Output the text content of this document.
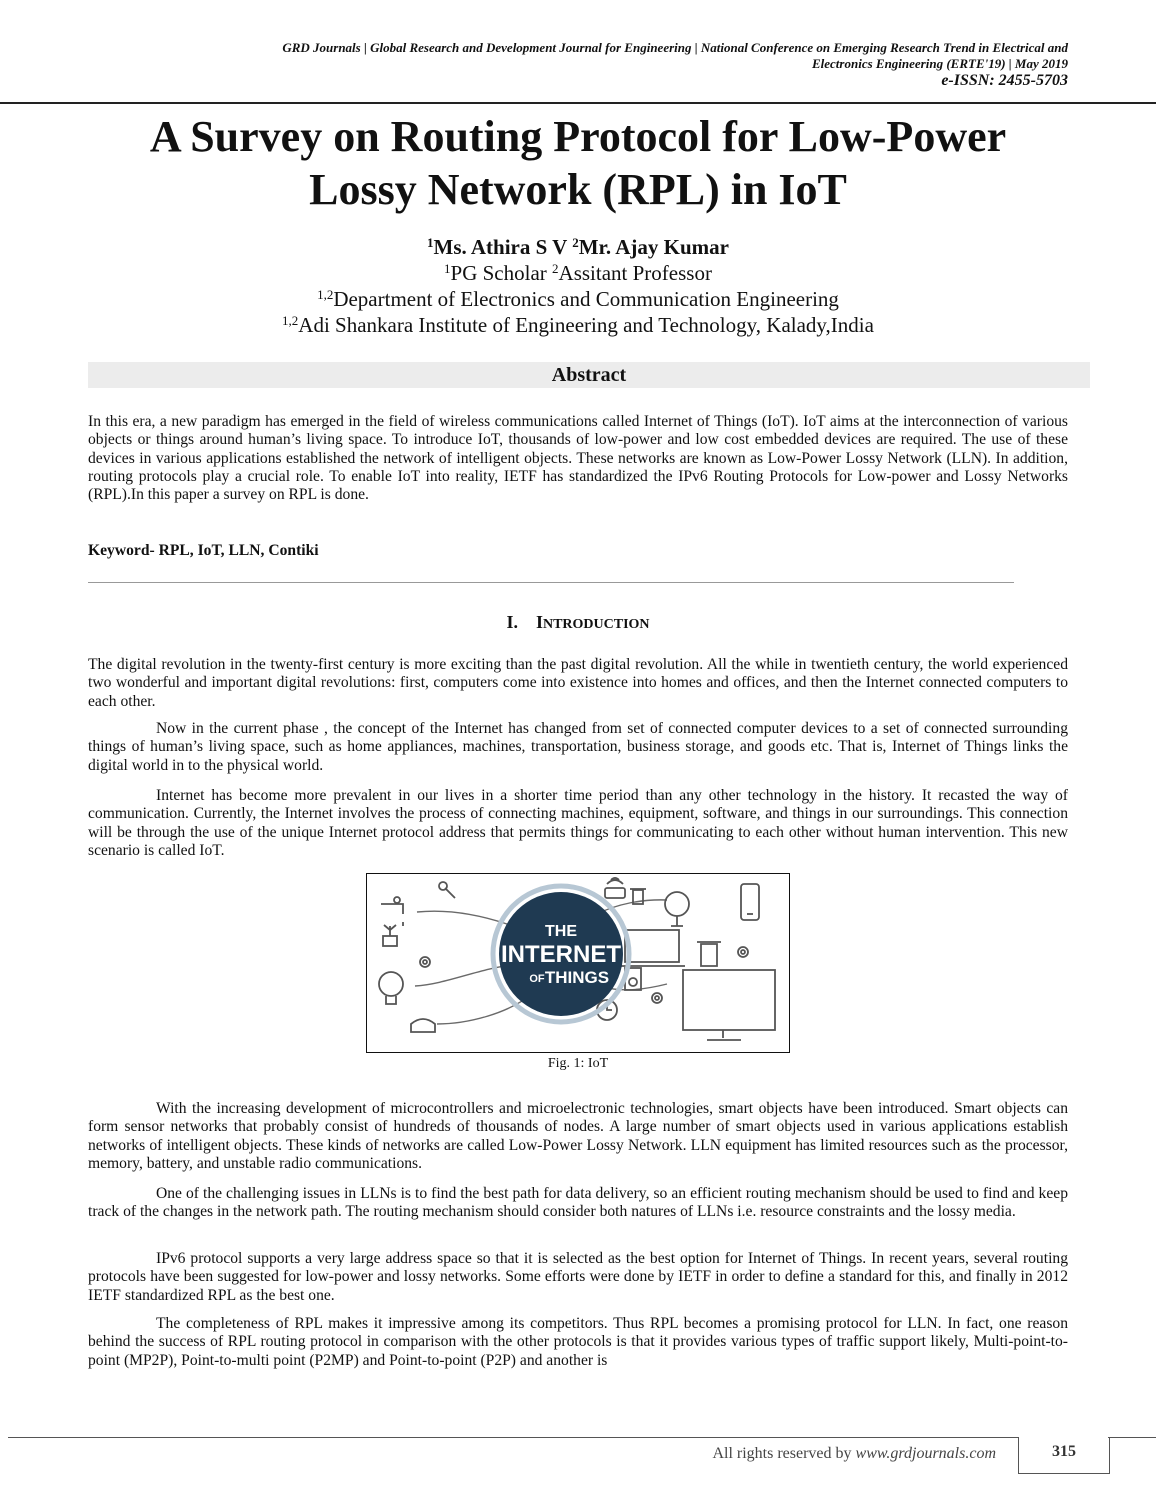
GRD Journals | Global Research and Development Journal for Engineering | National Conference on Emerging Research Trend in Electrical and
Electronics Engineering (ERTE'19) | May 2019
e-ISSN: 2455-5703
A Survey on Routing Protocol for Low-Power
Lossy Network (RPL) in IoT
$^1$Ms. Athira S V $^2$Mr. Ajay Kumar
$^1$PG Scholar $^2$Assitant Professor
$^{1,2}$Department of Electronics and Communication Engineering
$^{1,2}$Adi Shankara Institute of Engineering and Technology, Kalady,India
Abstract

In this era, a new paradigm has emerged in the field of wireless communications called Internet of Things (IoT). IoT aims at the interconnection of various objects or things around human’s living space. To introduce IoT, thousands of low-power and low cost embedded devices are required. The use of these devices in various applications established the network of intelligent objects. These networks are known as Low-Power Lossy Network (LLN). In addition, routing protocols play a crucial role. To enable IoT into reality, IETF has standardized the IPv6 Routing Protocols for Low-power and Lossy Networks (RPL).In this paper a survey on RPL is done.

Keyword- RPL, IoT, LLN, Contiki
I. INTRODUCTION

The digital revolution in the twenty-first century is more exciting than the past digital revolution. All the while in twentieth century, the world experienced two wonderful and important digital revolutions: first, computers come into existence into homes and offices, and then the Internet connected computers to each other.

Now in the current phase , the concept of the Internet has changed from set of connected computer devices to a set of connected surrounding things of human’s living space, such as home appliances, machines, transportation, business storage, and goods etc. That is, Internet of Things links the digital world in to the physical world.

Internet has become more prevalent in our lives in a shorter time period than any other technology in the history. It recasted the way of communication. Currently, the Internet involves the process of connecting machines, equipment, software, and things in our surroundings. This connection will be through the use of the unique Internet protocol address that permits things for communicating to each other without human intervention. This new scenario is called IoT.

THE
INTERNET
OF THINGS
Fig. 1: IoT

With the increasing development of microcontrollers and microelectronic technologies, smart objects have been introduced. Smart objects can form sensor networks that probably consist of hundreds of thousands of nodes. A large number of smart objects used in various applications establish networks of intelligent objects. These kinds of networks are called Low-Power Lossy Network. LLN equipment has limited resources such as the processor, memory, battery, and unstable radio communications.

One of the challenging issues in LLNs is to find the best path for data delivery, so an efficient routing mechanism should be used to find and keep track of the changes in the network path. The routing mechanism should consider both natures of LLNs i.e. resource constraints and the lossy media.

IPv6 protocol supports a very large address space so that it is selected as the best option for Internet of Things. In recent years, several routing protocols have been suggested for low-power and lossy networks. Some efforts were done by IETF in order to define a standard for this, and finally in 2012 IETF standardized RPL as the best one.

The completeness of RPL makes it impressive among its competitors. Thus RPL becomes a promising protocol for LLN. In fact, one reason behind the success of RPL routing protocol in comparison with the other protocols is that it provides various types of traffic support likely, Multi-point-to-point (MP2P), Point-to-multi point (P2MP) and Point-to-point (P2P) and another is

All rights reserved by www.grdjournals.com	315
